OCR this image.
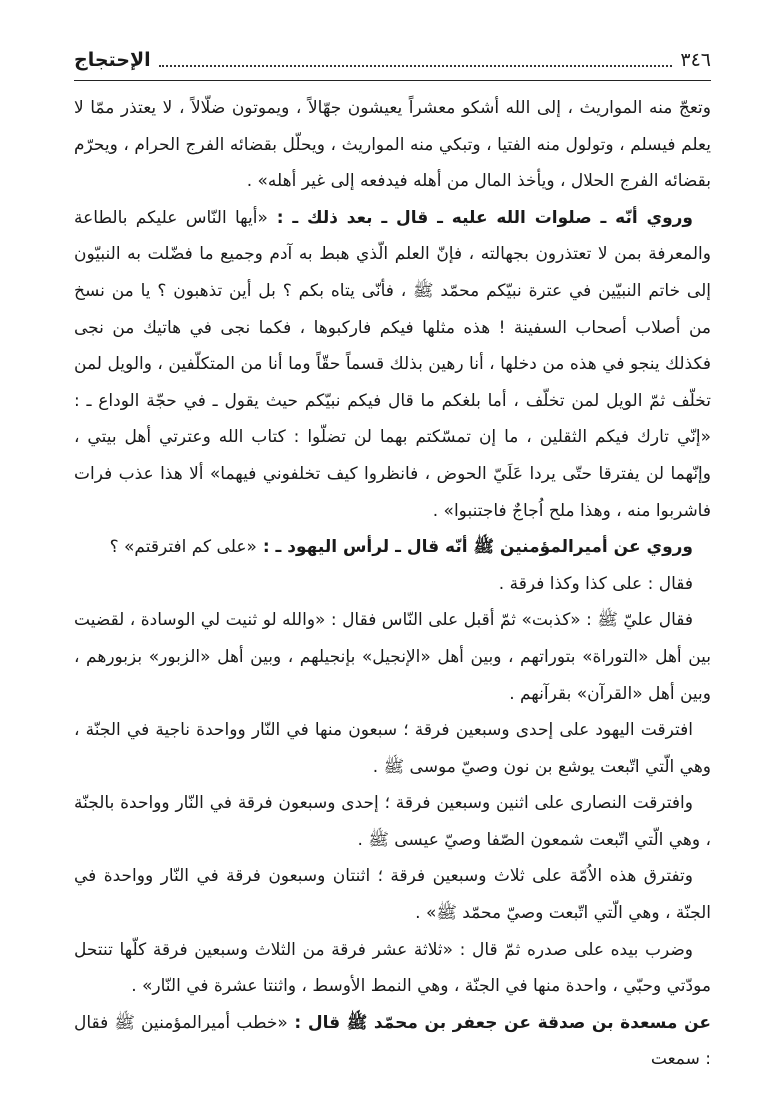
٣٤٦
الإحتجاج

وتعجّ منه المواريث ، إلى الله أشكو معشراً يعيشون جهّالاً ، ويموتون ضلّالاً ، لا يعتذر ممّا لا يعلم فيسلم ، وتولول منه الفتيا ، وتبكي منه المواريث ، ويحلّل بقضائه الفرج الحرام ، ويحرّم بقضائه الفرج الحلال ، ويأخذ المال من أهله فيدفعه إلى غير أهله» .

وروي أنّه ـ صلوات الله عليه ـ قال ـ بعد ذلك ـ : «أيها النّاس عليكم بالطاعة والمعرفة بمن لا تعتذرون بجهالته ، فإنّ العلم الّذي هبط به آدم وجميع ما فضّلت به النبيّون إلى خاتم النبيّين في عترة نبيّكم محمّد ﷺ ، فأنّى يتاه بكم ؟ بل أين تذهبون ؟ يا من نسخ من أصلاب أصحاب السفينة ! هذه مثلها فيكم فاركبوها ، فكما نجى في هاتيك من نجى فكذلك ينجو في هذه من دخلها ، أنا رهين بذلك قسماً حقّاً وما أنا من المتكلّفين ، والويل لمن تخلّف ثمّ الويل لمن تخلّف ، أما بلغكم ما قال فيكم نبيّكم حيث يقول ـ في حجّة الوداع ـ : «إنّي تارك فيكم الثقلين ، ما إن تمسّكتم بهما لن تضلّوا : كتاب الله وعترتي أهل بيتي ، وإنّهما لن يفترقا حتّى يردا عَلَيّ الحوض ، فانظروا كيف تخلفوني فيهما» ألا هذا عذب فرات فاشربوا منه ، وهذا ملح اُجاجٌ فاجتنبوا» .

وروي عن أميرالمؤمنين ﷺ أنّه قال ـ لرأس اليهود ـ : «على كم افترقتم» ؟

فقال : على كذا وكذا فرقة .

فقال عليّ ﷺ : «كذبت» ثمّ أقبل على النّاس فقال : «والله لو ثنيت لي الوسادة ، لقضيت بين أهل «التوراة» بتوراتهم ، وبين أهل «الإنجيل» بإنجيلهم ، وبين أهل «الزبور» بزبورهم ، وبين أهل «القرآن» بقرآنهم .

افترقت اليهود على إحدى وسبعين فرقة ؛ سبعون منها في النّار وواحدة ناجية في الجنّة ، وهي الّتي اتّبعت يوشع بن نون وصيّ موسى ﷺ .

وافترقت النصارى على اثنين وسبعين فرقة ؛ إحدى وسبعون فرقة في النّار وواحدة بالجنّة ، وهي الّتي اتّبعت شمعون الصّفا وصيّ عيسى ﷺ .

وتفترق هذه الاُمّة على ثلاث وسبعين فرقة ؛ اثنتان وسبعون فرقة في النّار وواحدة في الجنّة ، وهي الّتي اتّبعت وصيّ محمّد ﷺ» .

وضرب بيده على صدره ثمّ قال : «ثلاثة عشر فرقة من الثلاث وسبعين فرقة كلّها تنتحل مودّتي وحبّي ، واحدة منها في الجنّة ، وهي النمط الأوسط ، واثنتا عشرة في النّار» .

عن مسعدة بن صدقة عن جعفر بن محمّد ﷺ قال : «خطب أميرالمؤمنين ﷺ فقال : سمعت
